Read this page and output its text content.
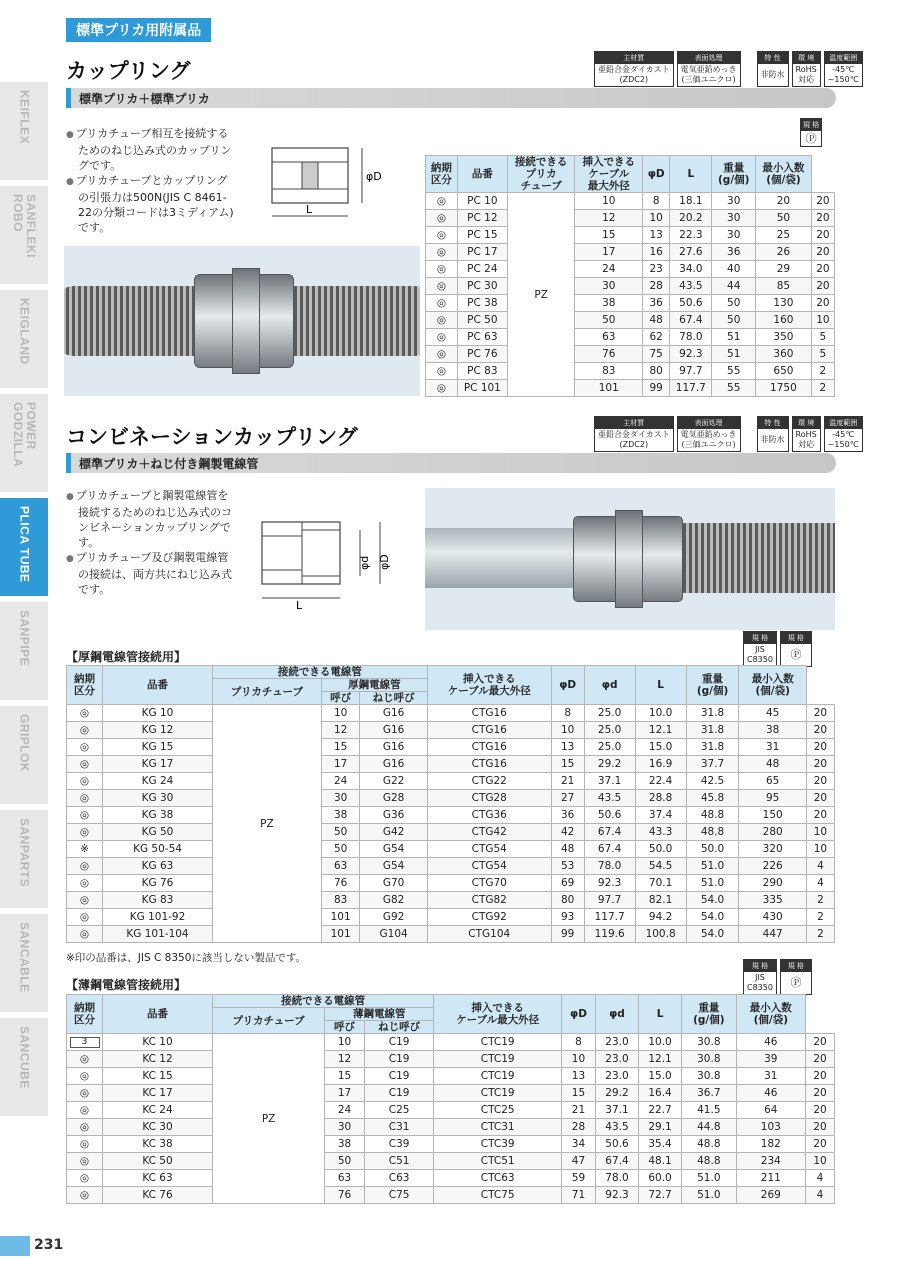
KEIFLEX
SANFLEKI
ROBO
KEIGLAND
POWER
GODZILLA
PLICA TUBE
SANPIPE
GRIPLOK
SANPARTS
SANCABLE
SANCUBE
標準プリカ用附属品
カップリング
主材質
亜鉛合金ダイカスト
(ZDC2)
表面処理
電気亜鉛めっき
(三価ユニクロ)
特 性
非防水
環 境
RoHS
対応
温度範囲
-45℃
~150℃
標準プリカ＋標準プリカ
規 格
Ⓟ
● プリカチューブ相互を接続するためのねじ込み式のカップリングです。
● プリカチューブとカップリングの引張力は500N(JIS C 8461-22の分類コードは3ミディアム)です。
φD
L
納期
区分	品番	接続できる
プリカ
チューブ	挿入できる
ケーブル
最大外径	φD	L	重量
(g/個)	最小入数
(個/袋)	
◎	PC 10	PZ	10	8	18.1	30	20	20
◎	PC 12		12	10	20.2	30	50	20
◎	PC 15		15	13	22.3	30	25	20
◎	PC 17		17	16	27.6	36	26	20
◎	PC 24		24	23	34.0	40	29	20
◎	PC 30		30	28	43.5	44	85	20
◎	PC 38		38	36	50.6	50	130	20
◎	PC 50		50	48	67.4	50	160	10
◎	PC 63		63	62	78.0	51	350	5
◎	PC 76		76	75	92.3	51	360	5
◎	PC 83		83	80	97.7	55	650	2
◎	PC 101		101	99	117.7	55	1750	2
コンビネーションカップリング
主材質
亜鉛合金ダイカスト
(ZDC2)
表面処理
電気亜鉛めっき
(三価ユニクロ)
特 性
非防水
環 境
RoHS
対応
温度範囲
-45℃
~150℃
標準プリカ＋ねじ付き鋼製電線管
● プリカチューブと鋼製電線管を接続するためのねじ込み式のコンビネーションカップリングです。
● プリカチューブ及び鋼製電線管の接続は、両方共にねじ込み式です。
φd φD
L
【厚鋼電線管接続用】
規 格
JIS
C8350
規 格
Ⓟ
納期
区分	品番	接続できる電線管			挿入できる
ケーブル最大外径	φD	φd	L	重量
(g/個)	最小入数
(個/袋)	
		プリカチューブ	厚鋼電線管								
			呼び	ねじ呼び							
◎	KG 10	PZ	10	G16	CTG16	8	25.0	10.0	31.8	45	20
◎	KG 12		12	G16	CTG16	10	25.0	12.1	31.8	38	20
◎	KG 15		15	G16	CTG16	13	25.0	15.0	31.8	31	20
◎	KG 17		17	G16	CTG16	15	29.2	16.9	37.7	48	20
◎	KG 24		24	G22	CTG22	21	37.1	22.4	42.5	65	20
◎	KG 30		30	G28	CTG28	27	43.5	28.8	45.8	95	20
◎	KG 38		38	G36	CTG36	36	50.6	37.4	48.8	150	20
◎	KG 50		50	G42	CTG42	42	67.4	43.3	48.8	280	10
※	KG 50-54		50	G54	CTG54	48	67.4	50.0	50.0	320	10
◎	KG 63		63	G54	CTG54	53	78.0	54.5	51.0	226	4
◎	KG 76		76	G70	CTG70	69	92.3	70.1	51.0	290	4
◎	KG 83		83	G82	CTG82	80	97.7	82.1	54.0	335	2
◎	KG 101-92		101	G92	CTG92	93	117.7	94.2	54.0	430	2
◎	KG 101-104		101	G104	CTG104	99	119.6	100.8	54.0	447	2
※印の品番は、JIS C 8350に該当しない製品です。
【薄鋼電線管接続用】
規 格
JIS
C8350
規 格
Ⓟ
納期
区分	品番	接続できる電線管			挿入できる
ケーブル最大外径	φD	φd	L	重量
(g/個)	最小入数
(個/袋)	
		プリカチューブ	薄鋼電線管								
			呼び	ねじ呼び							
3	KC 10	PZ	10	C19	CTC19	8	23.0	10.0	30.8	46	20
◎	KC 12		12	C19	CTC19	10	23.0	12.1	30.8	39	20
◎	KC 15		15	C19	CTC19	13	23.0	15.0	30.8	31	20
◎	KC 17		17	C19	CTC19	15	29.2	16.4	36.7	46	20
◎	KC 24		24	C25	CTC25	21	37.1	22.7	41.5	64	20
◎	KC 30		30	C31	CTC31	28	43.5	29.1	44.8	103	20
◎	KC 38		38	C39	CTC39	34	50.6	35.4	48.8	182	20
◎	KC 50		50	C51	CTC51	47	67.4	48.1	48.8	234	10
◎	KC 63		63	C63	CTC63	59	78.0	60.0	51.0	211	4
◎	KC 76		76	C75	CTC75	71	92.3	72.7	51.0	269	4
231
